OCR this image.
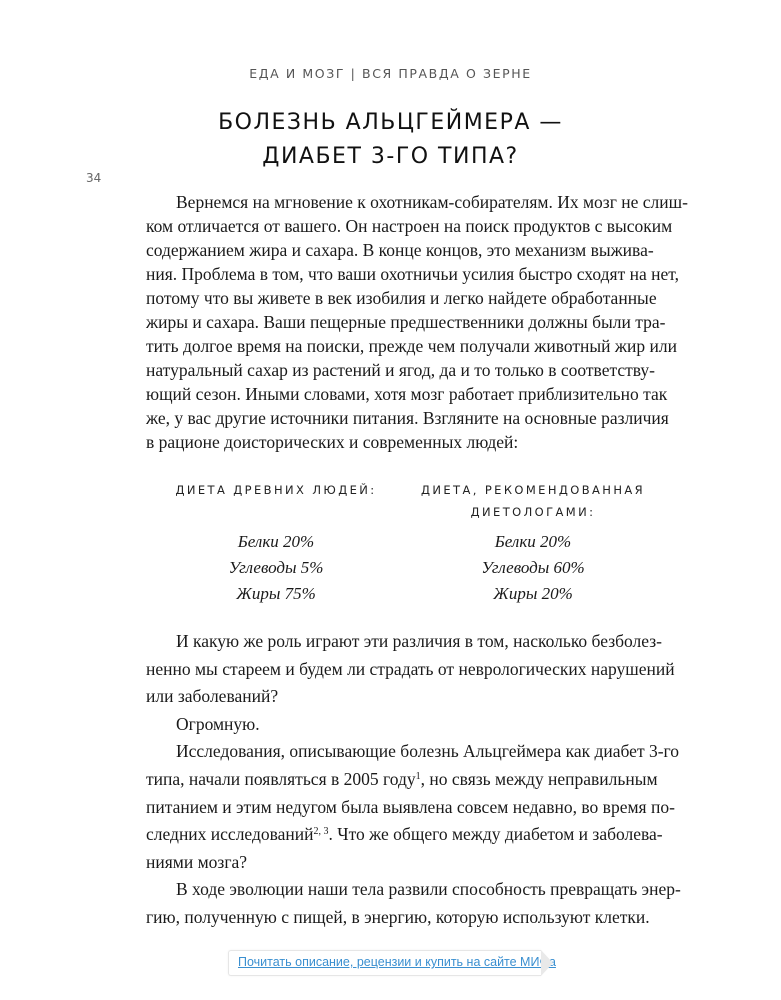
ЕДА И МОЗГ | ВСЯ ПРАВДА О ЗЕРНЕ
БОЛЕЗНЬ АЛЬЦГЕЙМЕРА —
ДИАБЕТ 3-ГО ТИПА?
34
Вернемся на мгновение к охотникам-собирателям. Их мозг не слиш-
ком отличается от вашего. Он настроен на поиск продуктов с высоким
содержанием жира и сахара. В конце концов, это механизм выжива-
ния. Проблема в том, что ваши охотничьи усилия быстро сходят на нет,
потому что вы живете в век изобилия и легко найдете обработанные
жиры и сахара. Ваши пещерные предшественники должны были тра-
тить долгое время на поиски, прежде чем получали животный жир или
натуральный сахар из растений и ягод, да и то только в соответству-
ющий сезон. Иными словами, хотя мозг работает приблизительно так
же, у вас другие источники питания. Взгляните на основные различия
в рационе доисторических и современных людей:
ДИЕТА ДРЕВНИХ ЛЮДЕЙ:
Белки 20%
Углеводы 5%
Жиры 75%
ДИЕТА, РЕКОМЕНДОВАННАЯ ДИЕТОЛОГАМИ:
Белки 20%
Углеводы 60%
Жиры 20%
И какую же роль играют эти различия в том, насколько безболез-
ненно мы стареем и будем ли страдать от неврологических нарушений
или заболеваний?
Огромную.
Исследования, описывающие болезнь Альцгеймера как диабет 3-го
типа, начали появляться в 2005 году$^1$, но связь между неправильным
питанием и этим недугом была выявлена совсем недавно, во время по-
следних исследований$^{2, 3}$. Что же общего между диабетом и заболева-
ниями мозга?
В ходе эволюции наши тела развили способность превращать энер-
гию, полученную с пищей, в энергию, которую используют клетки.
Почитать описание, рецензии и купить на сайте МИФа
